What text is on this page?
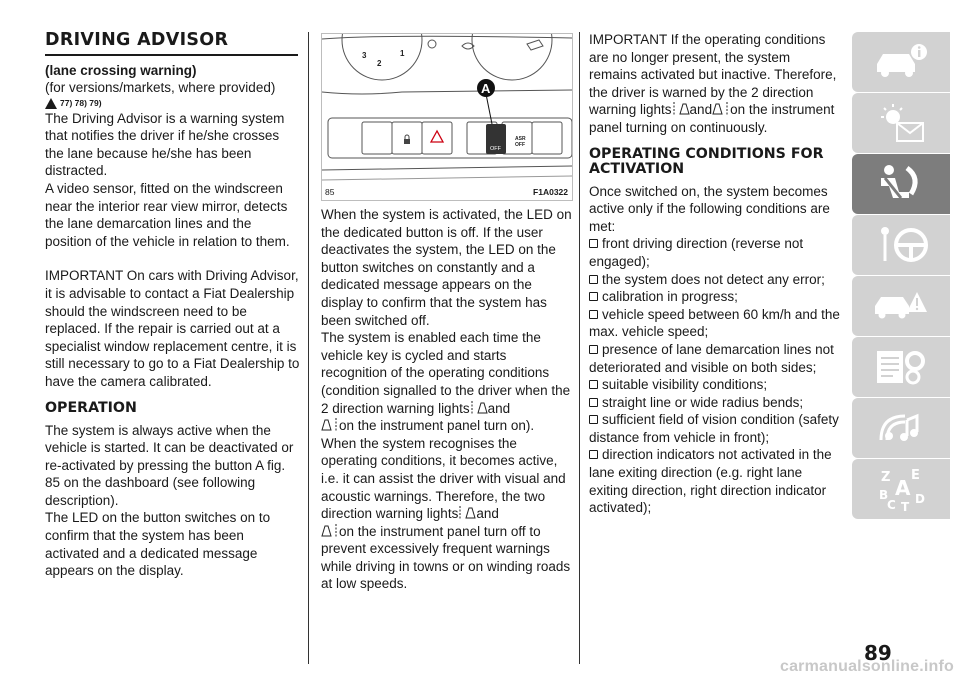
DRIVING ADVISOR
(lane crossing warning)

(for versions/markets, where provided)

77) 78) 79)

The Driving Advisor is a warning system that notifies the driver if he/she crosses the lane because he/she has been distracted.

A video sensor, fitted on the windscreen near the interior rear view mirror, detects the lane demarcation lines and the position of the vehicle in relation to them.

IMPORTANT On cars with Driving Advisor, it is advisable to contact a Fiat Dealership should the windscreen need to be replaced. If the repair is carried out at a specialist window replacement centre, it is still necessary to go to a Fiat Dealership to have the camera calibrated.

OPERATION

The system is always active when the vehicle is started. It can be deactivated or re-activated by pressing the button A fig. 85 on the dashboard (see following description).

The LED on the button switches on to confirm that the system has been activated and a dedicated message appears on the display.

3
2
1
OFF
ASR
OFF
A
85	F1A0322

When the system is activated, the LED on the dedicated button is off. If the user deactivates the system, the LED on the button switches on constantly and a dedicated message appears on the display to confirm that the system has been switched off.

The system is enabled each time the vehicle key is cycled and starts recognition of the operating conditions (condition signalled to the driver when the 2 direction warning lights and
on the instrument panel turn on).

When the system recognises the operating conditions, it becomes active, i.e. it can assist the driver with visual and acoustic warnings. Therefore, the two direction warning lights and
on the instrument panel turn off to prevent excessively frequent warnings while driving in towns or on winding roads at low speeds.

IMPORTANT If the operating conditions are no longer present, the system remains activated but inactive. Therefore, the driver is warned by the 2 direction warning lights and on the instrument panel turning on continuously.

OPERATING CONDITIONS FOR ACTIVATION

Once switched on, the system becomes active only if the following conditions are met:

front driving direction (reverse not engaged);
the system does not detect any error;
calibration in progress;
vehicle speed between 60 km/h and the max. vehicle speed;
presence of lane demarcation lines not deteriorated and visible on both sides;
suitable visibility conditions;
straight line or wide radius bends;
sufficient field of vision condition (safety distance from vehicle in front);
direction indicators not activated in the lane exiting direction (e.g. right lane exiting direction, right direction indicator activated);
Z E
A
B
C D
T
89
carmanualsonline.info
